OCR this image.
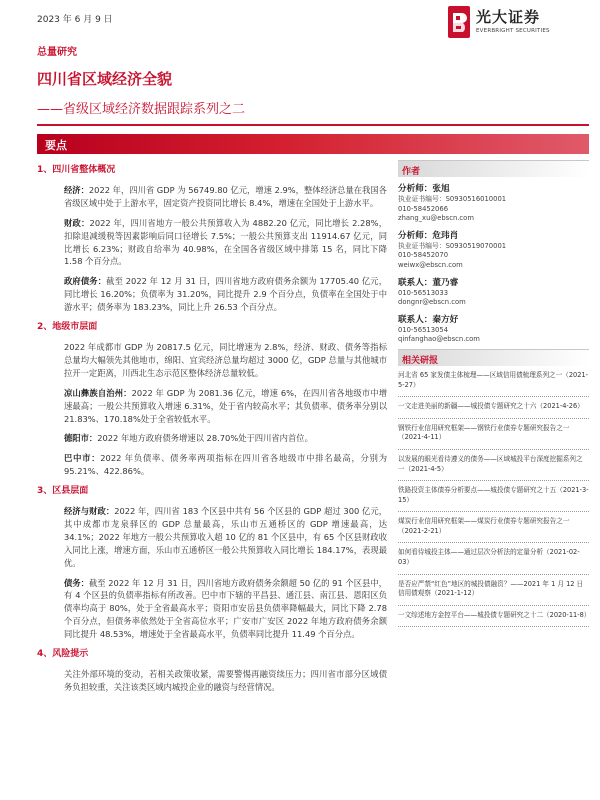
2023 年 6 月 9 日	光大证券
EVERBRIGHT SECURITIES
总量研究
四川省区域经济全貌
——省级区域经济数据跟踪系列之二
要点
1、四川省整体概况
经济：2022 年，四川省 GDP 为 56749.80 亿元，增速 2.9%，整体经济总量在我国各省级区域中处于上游水平，固定资产投资同比增长 8.4%，增速在全国处于上游水平。
财政：2022 年，四川省地方一般公共预算收入为 4882.20 亿元，同比增长 2.28%，扣除退减缓税等因素影响后同口径增长 7.5%；一般公共预算支出 11914.67 亿元，同比增长 6.23%；财政自给率为 40.98%，在全国各省级区域中排第 15 名，同比下降 1.58 个百分点。
政府债务：截至 2022 年 12 月 31 日，四川省地方政府债务余额为 17705.40 亿元，同比增长 16.20%；负债率为 31.20%，同比提升 2.9 个百分点，负债率在全国处于中游水平；债务率为 183.23%，同比上升 26.53 个百分点。
2、地级市层面
2022 年成都市 GDP 为 20817.5 亿元，同比增速为 2.8%，经济、财政、债务等指标总量均大幅领先其他地市，绵阳、宜宾经济总量均超过 3000 亿，GDP 总量与其他城市拉开一定距离，川西北生态示范区整体经济总量较低。
凉山彝族自治州：2022 年 GDP 为 2081.36 亿元，增速 6%，在四川省各地级市中增速最高；一般公共预算收入增速 6.31%，处于省内较高水平；其负债率、债务率分别以 21.83%、170.18%处于全省较低水平。
德阳市：2022 年地方政府债务增速以 28.70%处于四川省内首位。
巴中市：2022 年负债率、债务率两项指标在四川省各地级市中排名最高，分别为 95.21%、422.86%。
3、区县层面
经济与财政：2022 年，四川省 183 个区县中共有 56 个区县的 GDP 超过 300 亿元，其中成都市龙泉驿区的 GDP 总量最高，乐山市五通桥区的 GDP 增速最高，达 34.1%；2022 年地方一般公共预算收入超 10 亿的 81 个区县中，有 65 个区县财政收入同比上涨，增速方面，乐山市五通桥区一般公共预算收入同比增长 184.17%，表现最优。
债务：截至 2022 年 12 月 31 日，四川省地方政府债务余额超 50 亿的 91 个区县中，有 4 个区县的负债率指标有所改善。巴中市下辖的平昌县、通江县、南江县、恩阳区负债率均高于 80%，处于全省最高水平；资阳市安岳县负债率降幅最大，同比下降 2.78 个百分点，但债务率依然处于全省高位水平；广安市广安区 2022 年地方政府债务余额同比提升 48.53%，增速处于全省最高水平，负债率同比提升 11.49 个百分点。
4、风险提示
关注外部环境的变动，若相关政策收紧，需要警惕再融资续压力；四川省市部分区域债务负担较重，关注该类区域内城投企业的融资与经营情况。
作者
分析师：张旭
执业证书编号：S0930516010001
010-58452066
zhang_xu@ebscn.com
分析师：危玮肖
执业证书编号：S0930519070001
010-58452070
weiwx@ebscn.com
联系人：董乃睿
010-56513033
dongnr@ebscn.com
联系人：秦方好
010-56513054
qinfanghao@ebscn.com
相关研报
河北省 65 家发债主体梳理——区域信用债梳理系列之一（2021-5-27）
一文走进美丽的新疆——城投债专题研究之十六（2021-4-26）
钢铁行业信用研究框架——钢铁行业债券专题研究报告之一（2021-4-11）
以发展的眼光看待遵义的债务——区域城投平台深度挖掘系列之一（2021-4-5）
铁路投资主体债券分析要点——城投债专题研究之十五（2021-3-15）
煤炭行业信用研究框架——煤炭行业债券专题研究报告之一（2021-2-21）
如何看待城投主体——通过层次分析法的定量分析（2021-02-03）
是否应严禁“红色”地区的城投债融资？——2021 年 1 月 12 日信用债观察（2021-1-12）
一文综述地方金控平台——城投债专题研究之十二（2020-11-8）
